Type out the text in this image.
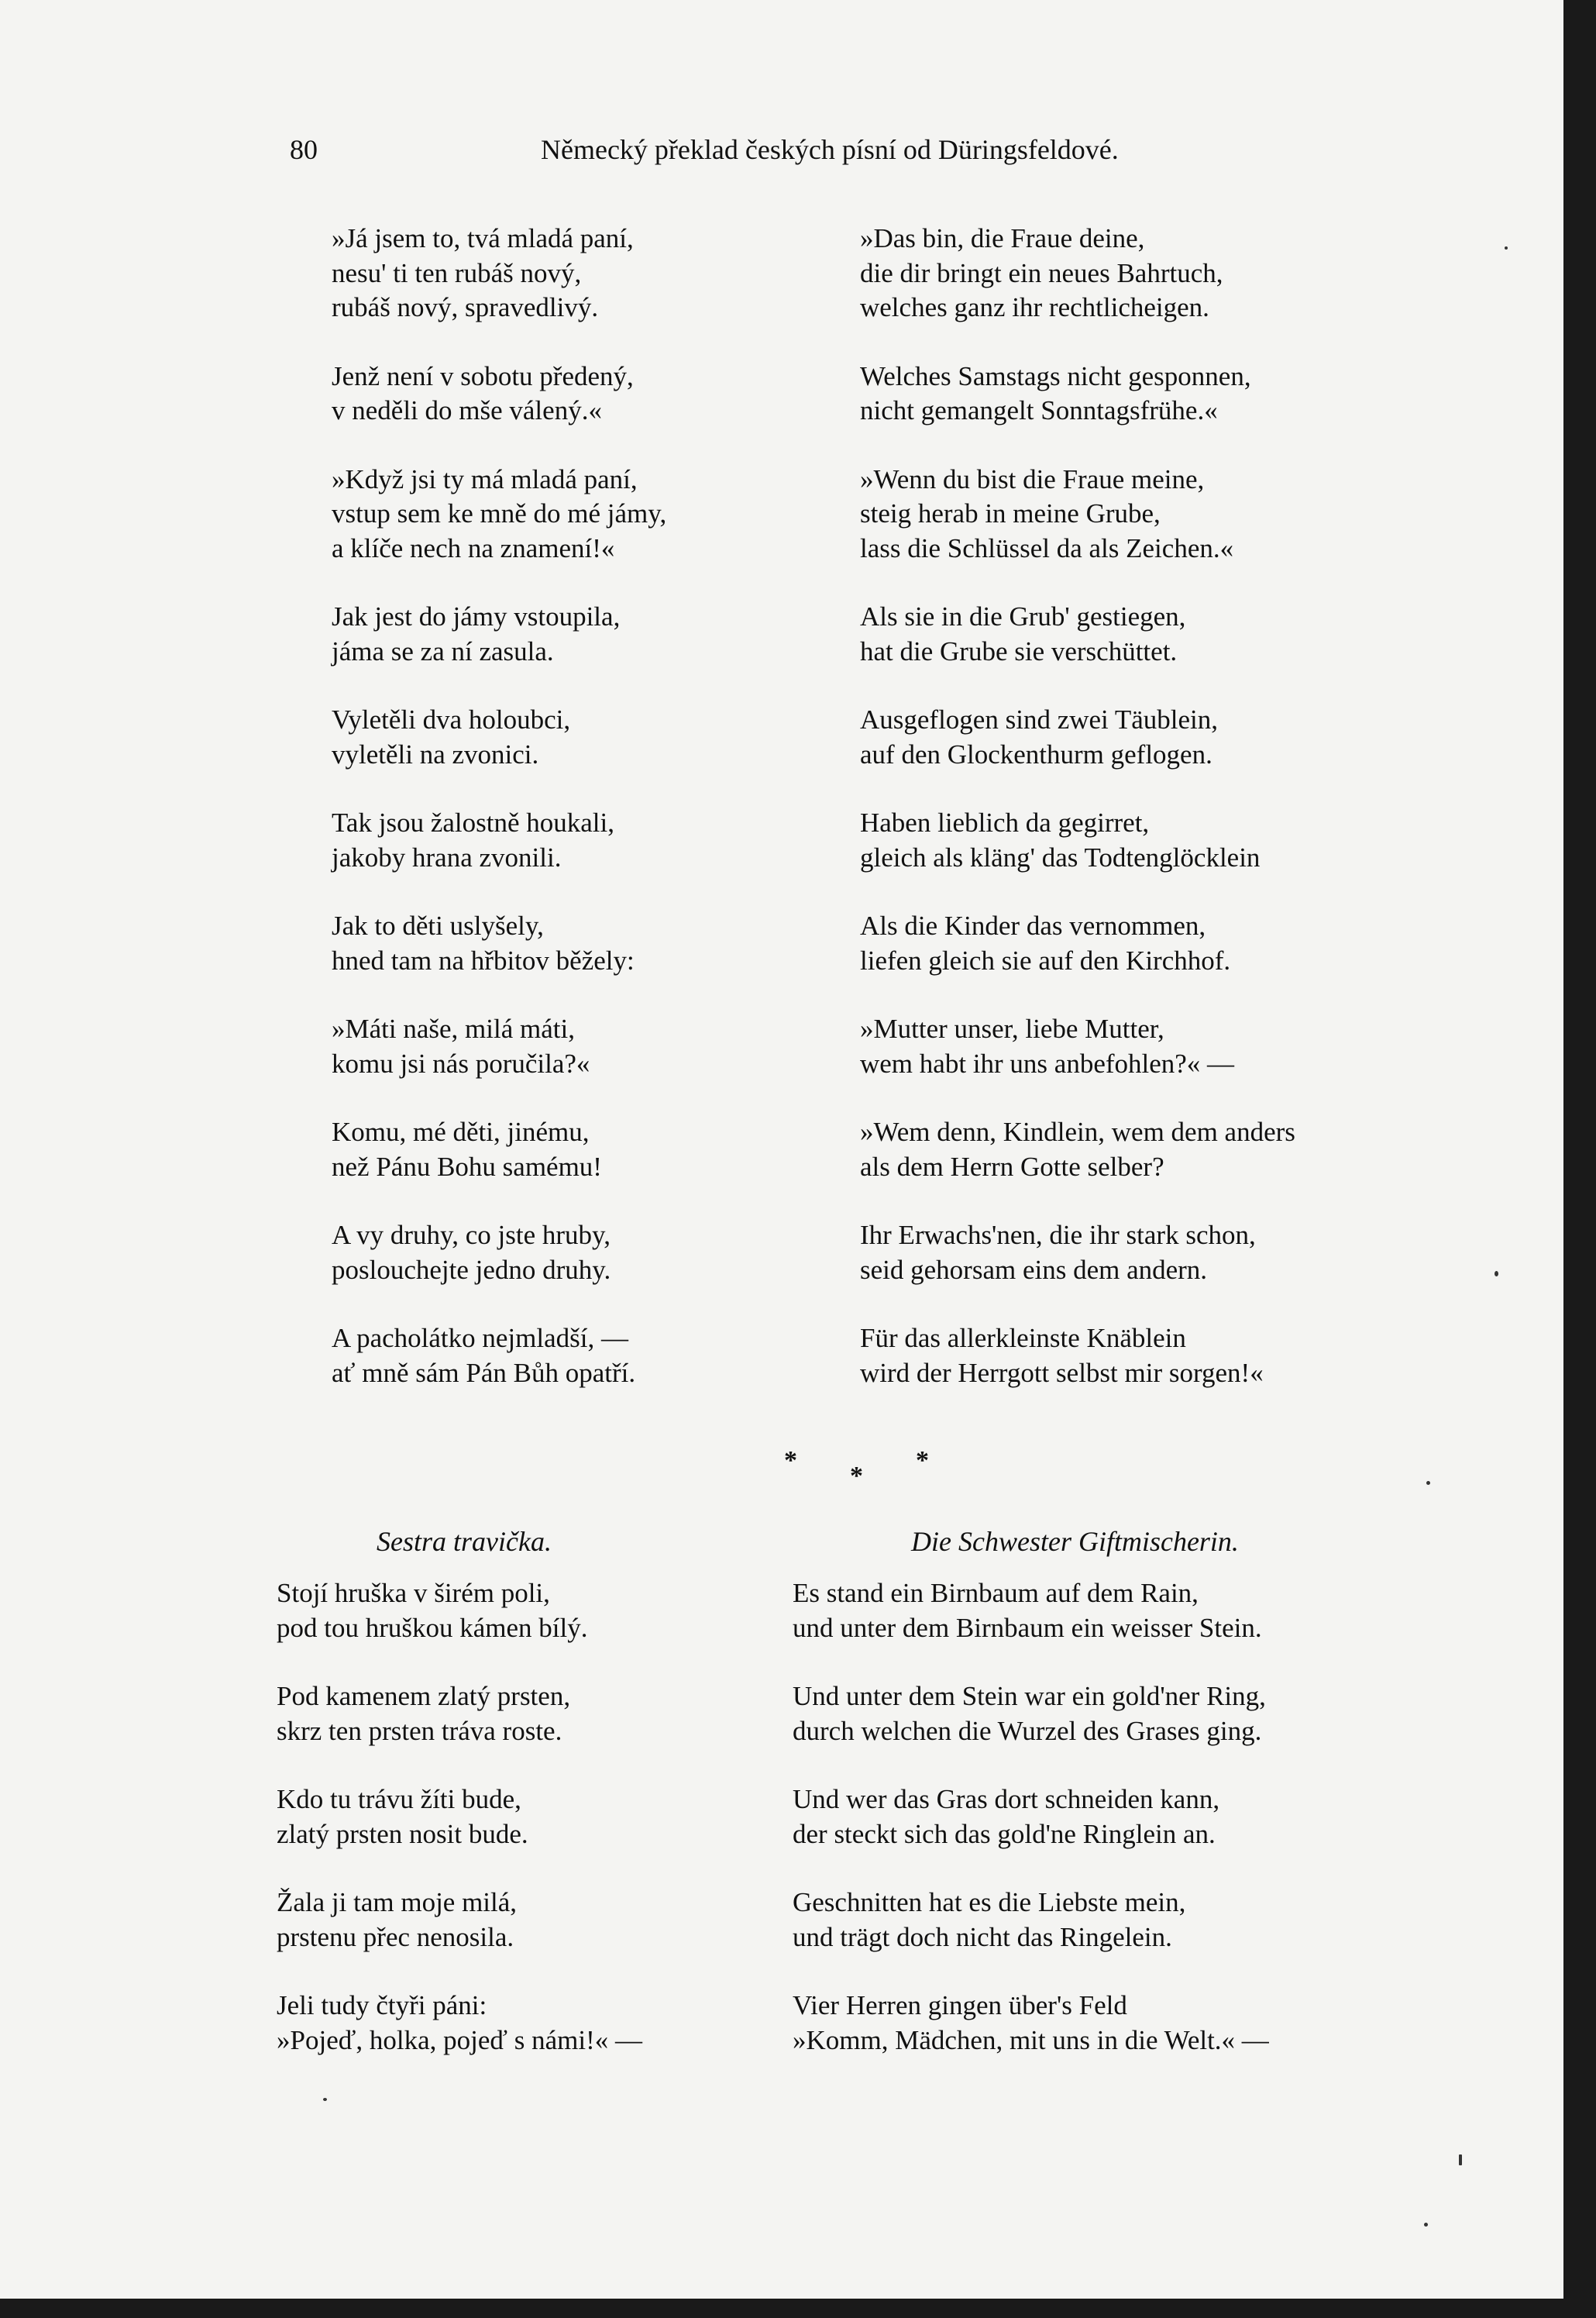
80	Německý překlad českých písní od Düringsfeldové.
»Já jsem to, tvá mladá paní,
nesu' ti ten rubáš nový,
rubáš nový, spravedlivý.
Jenž není v sobotu předený,
v neděli do mše válený.«
»Když jsi ty má mladá paní,
vstup sem ke mně do mé jámy,
a klíče nech na znamení!«
Jak jest do jámy vstoupila,
jáma se za ní zasula.
Vyletěli dva holoubci,
vyletěli na zvonici.
Tak jsou žalostně houkali,
jakoby hrana zvonili.
Jak to děti uslyšely,
hned tam na hřbitov běžely:
»Máti naše, milá máti,
komu jsi nás poručila?«
Komu, mé děti, jinému,
než Pánu Bohu samému!
A vy druhy, co jste hruby,
poslouchejte jedno druhy.
A pacholátko nejmladší, —
ať mně sám Pán Bůh opatří.
»Das bin, die Fraue deine,
die dir bringt ein neues Bahrtuch,
welches ganz ihr rechtlicheigen.
Welches Samstags nicht gesponnen,
nicht gemangelt Sonntagsfrühe.«
»Wenn du bist die Fraue meine,
steig herab in meine Grube,
lass die Schlüssel da als Zeichen.«
Als sie in die Grub' gestiegen,
hat die Grube sie verschüttet.
Ausgeflogen sind zwei Täublein,
auf den Glockenthurm geflogen.
Haben lieblich da gegirret,
gleich als kläng' das Todtenglöcklein
Als die Kinder das vernommen,
liefen gleich sie auf den Kirchhof.
»Mutter unser, liebe Mutter,
wem habt ihr uns anbefohlen?« —
»Wem denn, Kindlein, wem dem anders
als dem Herrn Gotte selber?
Ihr Erwachs'nen, die ihr stark schon,
seid gehorsam eins dem andern.
Für das allerkleinste Knäblein
wird der Herrgott selbst mir sorgen!«
*
*
*
Sestra travička.	Die Schwester Giftmischerin.
Stojí hruška v širém poli,
pod tou hruškou kámen bílý.
Pod kamenem zlatý prsten,
skrz ten prsten tráva roste.
Kdo tu trávu žíti bude,
zlatý prsten nosit bude.
Žala ji tam moje milá,
prstenu přec nenosila.
Jeli tudy čtyři páni:
»Pojeď, holka, pojeď s námi!« —
Es stand ein Birnbaum auf dem Rain,
und unter dem Birnbaum ein weisser Stein.
Und unter dem Stein war ein gold'ner Ring,
durch welchen die Wurzel des Grases ging.
Und wer das Gras dort schneiden kann,
der steckt sich das gold'ne Ringlein an.
Geschnitten hat es die Liebste mein,
und trägt doch nicht das Ringelein.
Vier Herren gingen über's Feld
»Komm, Mädchen, mit uns in die Welt.« —
